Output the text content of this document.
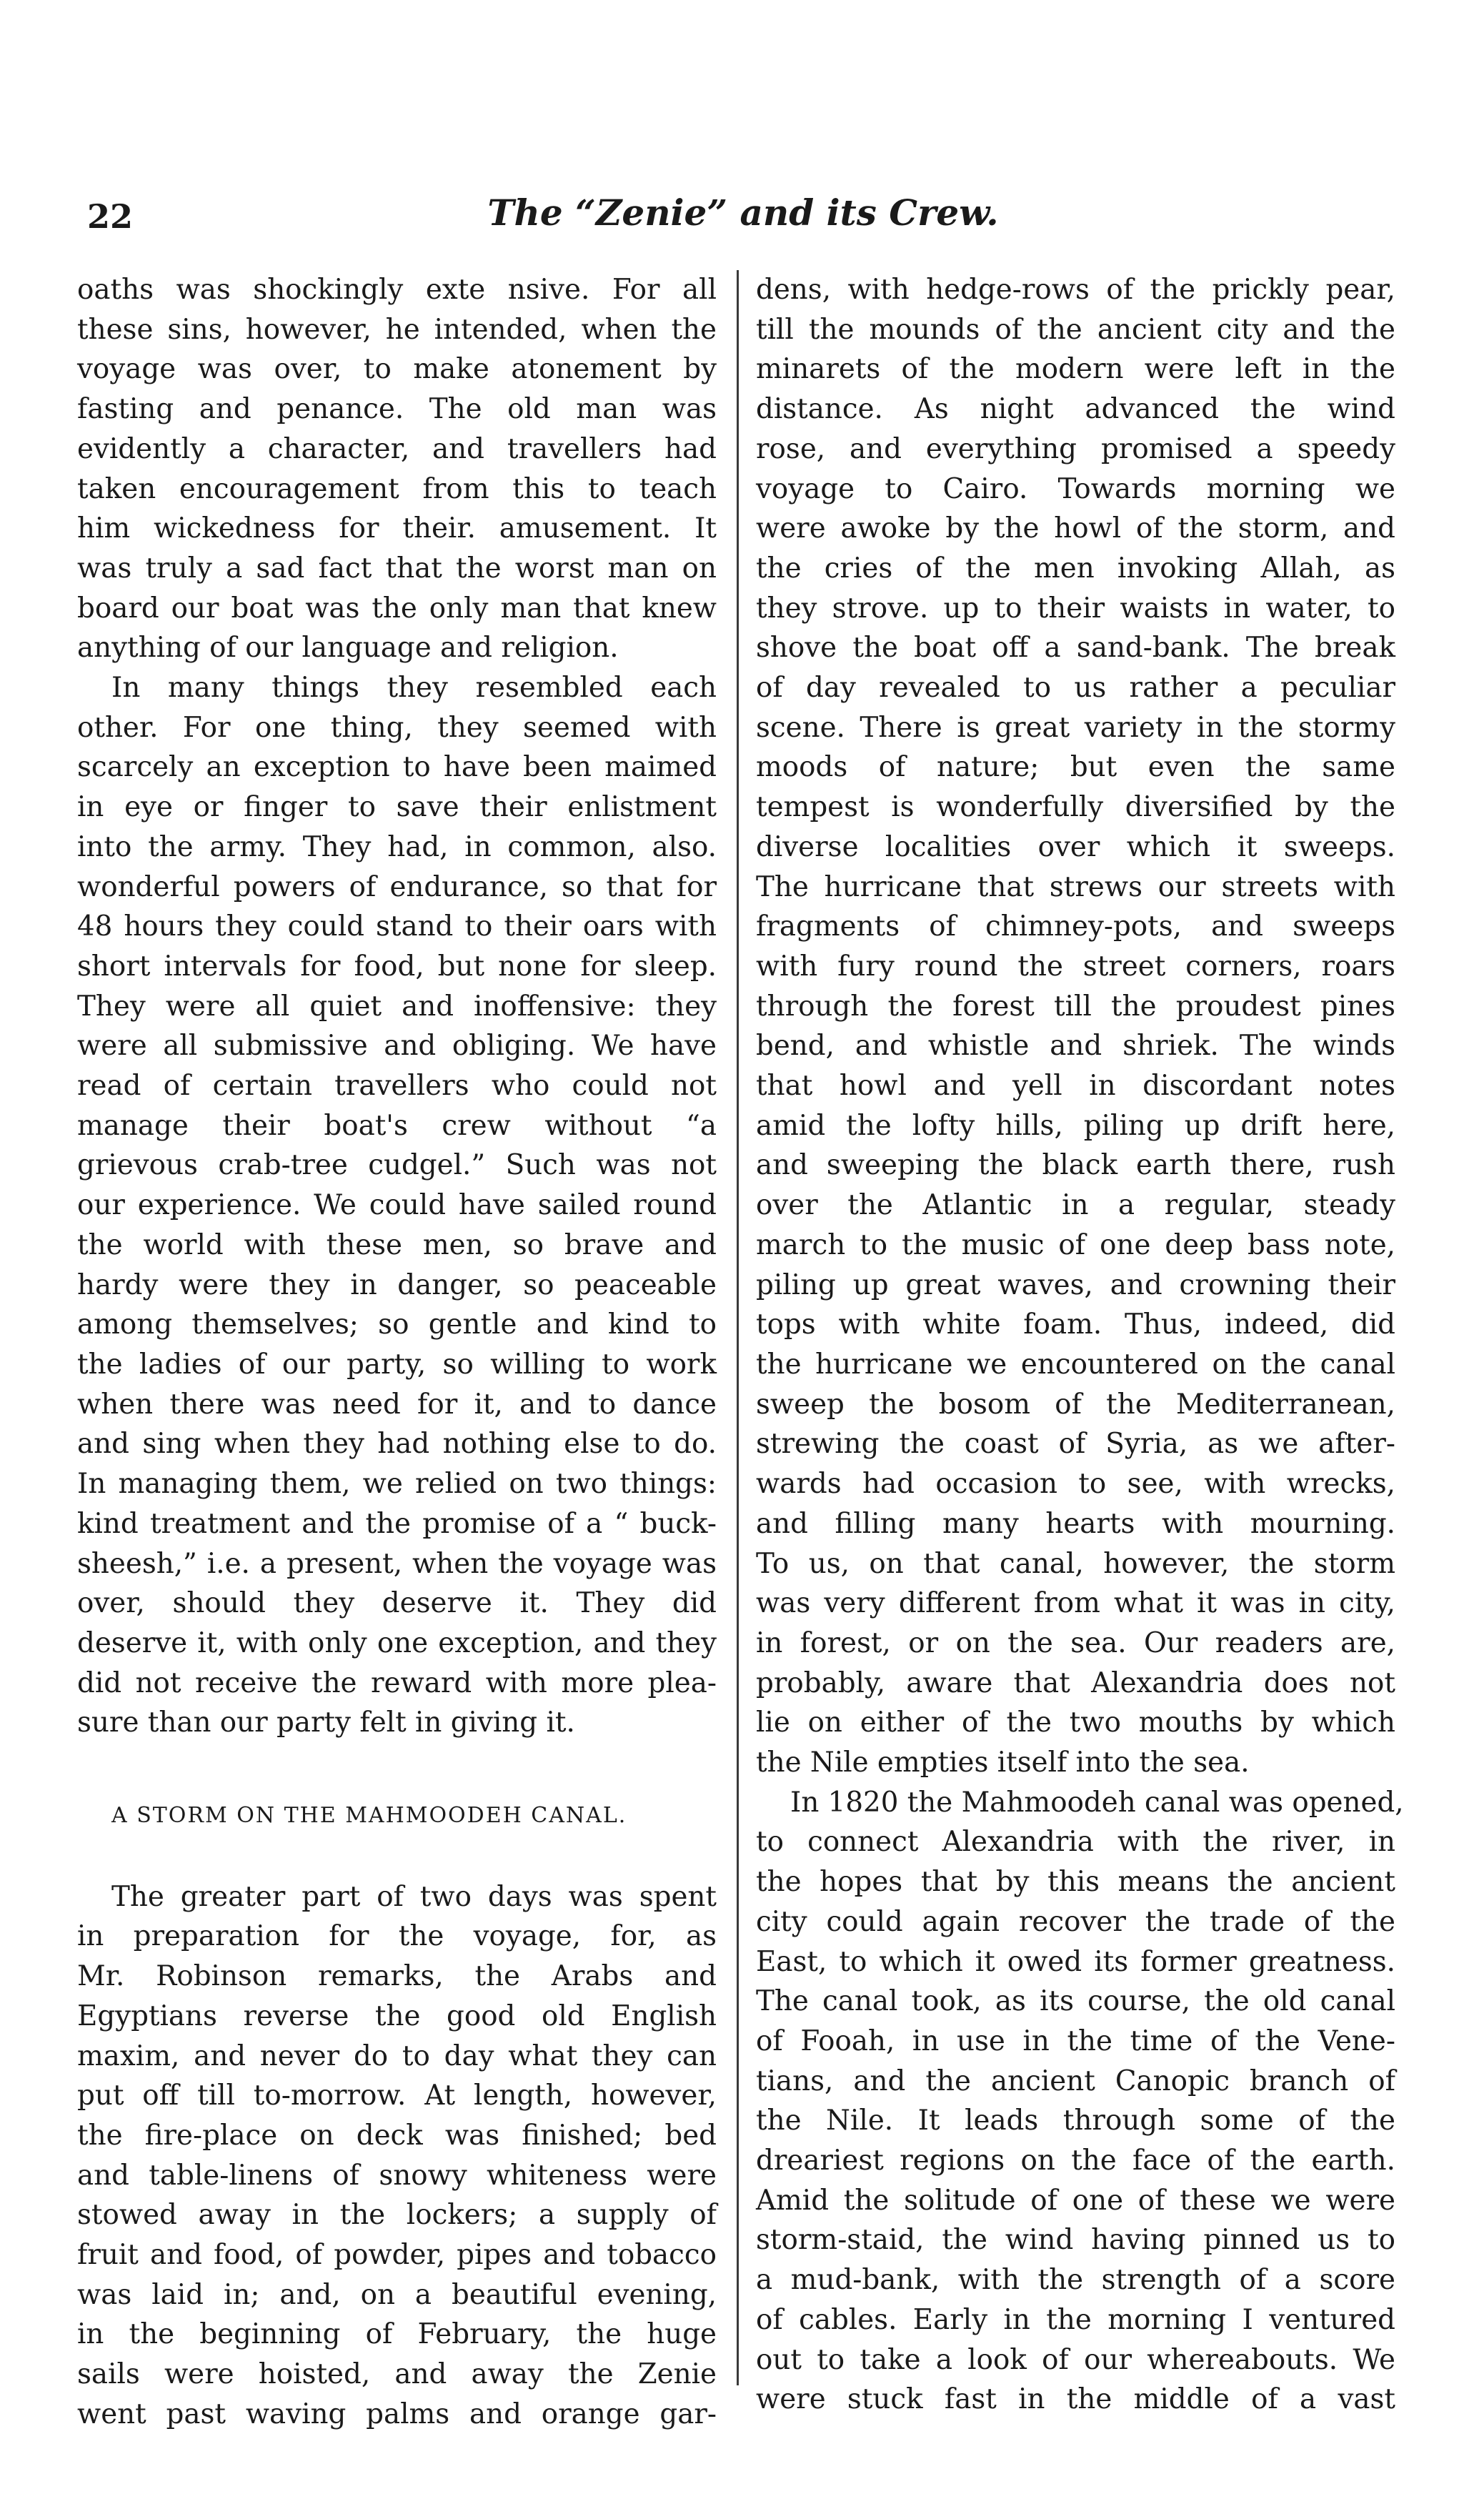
22	The “Zenie” and its Crew.
oaths was shockingly exte nsive. For all
these sins, however, he intended, when the
voyage was over, to make atonement by
fasting and penance. The old man was
evidently a character, and travellers had
taken encouragement from this to teach
him wickedness for their. amusement. It
was truly a sad fact that the worst man on
board our boat was the only man that knew
anything of our language and religion.
In many things they resembled each
other. For one thing, they seemed with
scarcely an exception to have been maimed
in eye or finger to save their enlistment
into the army. They had, in common, also.
wonderful powers of endurance, so that for
48 hours they could stand to their oars with
short intervals for food, but none for sleep.
They were all quiet and inoffensive: they
were all submissive and obliging. We have
read of certain travellers who could not
manage their boat's crew without “a
grievous crab-tree cudgel.” Such was not
our experience. We could have sailed round
the world with these men, so brave and
hardy were they in danger, so peaceable
among themselves; so gentle and kind to
the ladies of our party, so willing to work
when there was need for it, and to dance
and sing when they had nothing else to do.
In managing them, we relied on two things:
kind treatment and the promise of a “ buck-
sheesh,” i.e. a present, when the voyage was
over, should they deserve it. They did
deserve it, with only one exception, and they
did not receive the reward with more plea-
sure than our party felt in giving it.
A STORM ON THE MAHMOODEH CANAL.
The greater part of two days was spent
in preparation for the voyage, for, as
Mr. Robinson remarks, the Arabs and
Egyptians reverse the good old English
maxim, and never do to day what they can
put off till to-morrow. At length, however,
the fire-place on deck was finished; bed
and table-linens of snowy whiteness were
stowed away in the lockers; a supply of
fruit and food, of powder, pipes and tobacco
was laid in; and, on a beautiful evening,
in the beginning of February, the huge
sails were hoisted, and away the Zenie
went past waving palms and orange gar-
dens, with hedge-rows of the prickly pear,
till the mounds of the ancient city and the
minarets of the modern were left in the
distance. As night advanced the wind
rose, and everything promised a speedy
voyage to Cairo. Towards morning we
were awoke by the howl of the storm, and
the cries of the men invoking Allah, as
they strove. up to their waists in water, to
shove the boat off a sand-bank. The break
of day revealed to us rather a peculiar
scene. There is great variety in the stormy
moods of nature; but even the same
tempest is wonderfully diversified by the
diverse localities over which it sweeps.
The hurricane that strews our streets with
fragments of chimney-pots, and sweeps
with fury round the street corners, roars
through the forest till the proudest pines
bend, and whistle and shriek. The winds
that howl and yell in discordant notes
amid the lofty hills, piling up drift here,
and sweeping the black earth there, rush
over the Atlantic in a regular, steady
march to the music of one deep bass note,
piling up great waves, and crowning their
tops with white foam. Thus, indeed, did
the hurricane we encountered on the canal
sweep the bosom of the Mediterranean,
strewing the coast of Syria, as we after-
wards had occasion to see, with wrecks,
and filling many hearts with mourning.
To us, on that canal, however, the storm
was very different from what it was in city,
in forest, or on the sea. Our readers are,
probably, aware that Alexandria does not
lie on either of the two mouths by which
the Nile empties itself into the sea.
In 1820 the Mahmoodeh canal was opened,
to connect Alexandria with the river, in
the hopes that by this means the ancient
city could again recover the trade of the
East, to which it owed its former greatness.
The canal took, as its course, the old canal
of Fooah, in use in the time of the Vene-
tians, and the ancient Canopic branch of
the Nile. It leads through some of the
dreariest regions on the face of the earth.
Amid the solitude of one of these we were
storm-staid, the wind having pinned us to
a mud-bank, with the strength of a score
of cables. Early in the morning I ventured
out to take a look of our whereabouts. We
were stuck fast in the middle of a vast
